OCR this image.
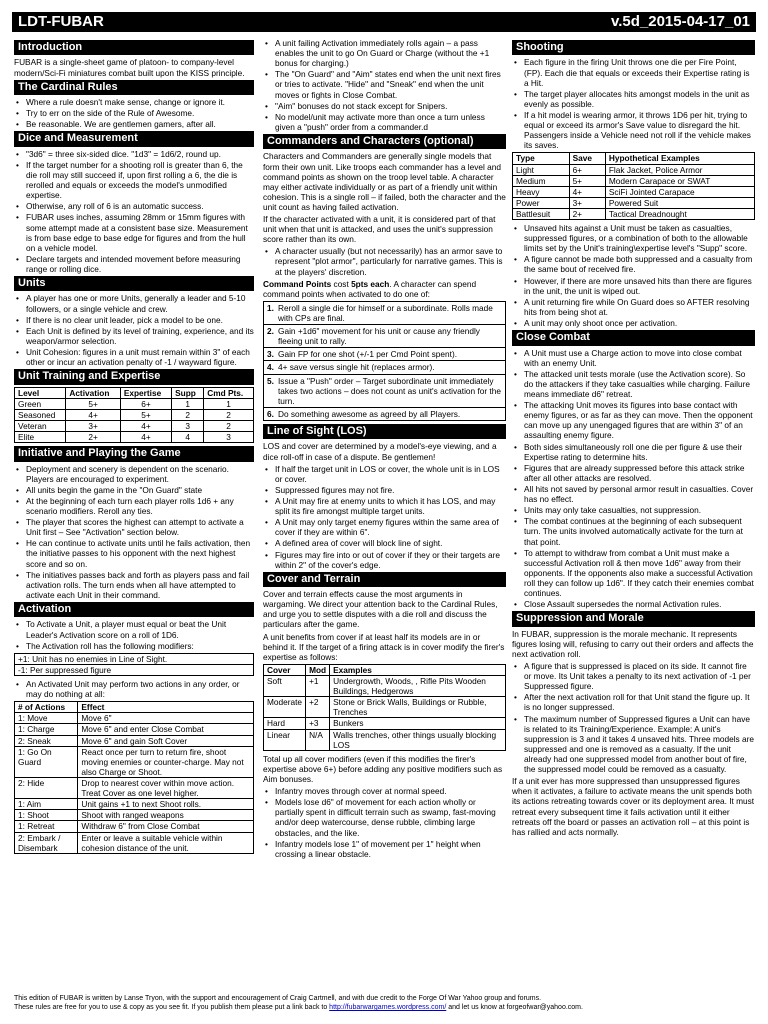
LDT-FUBAR	v.5d_2015-04-17_01
Introduction

FUBAR is a single-sheet game of platoon- to company-level modern/Sci-Fi miniatures combat built upon the KISS principle.

The Cardinal Rules
• Where a rule doesn't make sense, change or ignore it.
• Try to err on the side of the Rule of Awesome.
• Be reasonable. We are gentlemen gamers, after all.
Dice and Measurement
• "3d6" = three six-sided dice. "1d3" = 1d6/2, round up.
• If the target number for a shooting roll is greater than 6, the die roll may still succeed if, upon first rolling a 6, the die is rerolled and equals or exceeds the model's unmodified expertise.
• Otherwise, any roll of 6 is an automatic success.
• FUBAR uses inches, assuming 28mm or 15mm figures with some attempt made at a consistent base size. Measurement is from base edge to base edge for figures and from the hull on a vehicle model.
• Declare targets and intended movement before measuring range or rolling dice.
Units
• A player has one or more Units, generally a leader and 5-10 followers, or a single vehicle and crew.
• If there is no clear unit leader, pick a model to be one.
• Each Unit is defined by its level of training, experience, and its weapon/armor selection.
• Unit Cohesion: figures in a unit must remain within 3" of each other or incur an activation penalty of -1 / wayward figure.
Unit Training and Expertise
Level	Activation	Expertise	Supp	Cmd Pts.
Green	5+	6+	1	1
Seasoned	4+	5+	2	2
Veteran	3+	4+	3	2
Elite	2+	4+	4	3
Initiative and Playing the Game
• Deployment and scenery is dependent on the scenario. Players are encouraged to experiment.
• All units begin the game in the "On Guard" state
• At the beginning of each turn each player rolls 1d6 + any scenario modifiers. Reroll any ties.
• The player that scores the highest can attempt to activate a Unit first – See "Activation" section below.
• He can continue to activate units until he fails activation, then the initiative passes to his opponent with the next highest score and so on.
• The initiatives passes back and forth as players pass and fail activation rolls. The turn ends when all have attempted to activate each Unit in their command.
Activation
• To Activate a Unit, a player must equal or beat the Unit Leader's Activation score on a roll of 1D6.
• The Activation roll has the following modifiers:
+1: Unit has no enemies in Line of Sight.
-1: Per suppressed figure
• An Activated Unit may perform two actions in any order, or may do nothing at all:
# of Actions	Effect
1: Move	Move 6"
1: Charge	Move 6" and enter Close Combat
2: Sneak	Move 6" and gain Soft Cover
1: Go On Guard	React once per turn to return fire, shoot moving enemies or counter-charge. May not also Charge or Shoot.
2: Hide	Drop to nearest cover within move action. Treat Cover as one level higher.
1: Aim	Unit gains +1 to next Shoot rolls.
1: Shoot	Shoot with ranged weapons
1: Retreat	Withdraw 6" from Close Combat
2: Embark / Disembark	Enter or leave a suitable vehicle within cohesion distance of the unit.
• A unit failing Activation immediately rolls again – a pass enables the unit to go On Guard or Charge (without the +1 bonus for charging.)
• The "On Guard" and "Aim" states end when the unit next fires or tries to activate. "Hide" and "Sneak" end when the unit moves or fights in Close Combat.
• "Aim" bonuses do not stack except for Snipers.
• No model/unit may activate more than once a turn unless given a "push" order from a commander.d
Commanders and Characters (optional)

Characters and Commanders are generally single models that form their own unit. Like troops each commander has a level and command points as shown on the troop level table. A character may either activate individually or as part of a friendly unit within cohesion. This is a single roll – if failed, both the character and the unit count as having failed activation.

If the character activated with a unit, it is considered part of that unit when that unit is attacked, and uses the unit's suppression score rather than its own.

• A character usually (but not necessarily) has an armor save to represent "plot armor", particularly for narrative games. This is at the players' discretion.

Command Points cost 5pts each. A character can spend command points when activated to do one of:

1. Reroll a single die for himself or a subordinate. Rolls made with CPs are final.
2. Gain +1d6" movement for his unit or cause any friendly fleeing unit to rally.
3. Gain FP for one shot (+/-1 per Cmd Point spent).
4. 4+ save versus single hit (replaces armor).
5. Issue a "Push" order – Target subordinate unit immediately takes two actions – does not count as unit's activation for the turn.
6. Do something awesome as agreed by all Players.
Line of Sight (LOS)

LOS and cover are determined by a model's-eye viewing, and a dice roll-off in case of a dispute. Be gentlemen!

• If half the target unit in LOS or cover, the whole unit is in LOS or cover.
• Suppressed figures may not fire.
• A Unit may fire at enemy units to which it has LOS, and may split its fire amongst multiple target units.
• A Unit may only target enemy figures within the same area of cover if they are within 6".
• A defined area of cover will block line of sight.
• Figures may fire into or out of cover if they or their targets are within 2" of the cover's edge.
Cover and Terrain

Cover and terrain effects cause the most arguments in wargaming. We direct your attention back to the Cardinal Rules, and urge you to settle disputes with a die roll and discuss the particulars after the game.

A unit benefits from cover if at least half its models are in or behind it. If the target of a firing attack is in cover modify the firer's expertise as follows:

Cover	Mod	Examples
Soft	+1	Undergrowth, Woods, , Rifle Pits Wooden Buildings, Hedgerows
Moderate	+2	Stone or Brick Walls, Buildings or Rubble, Trenches
Hard	+3	Bunkers
Linear	N/A	Walls trenches, other things usually blocking LOS

Total up all cover modifiers (even if this modifies the firer's expertise above 6+) before adding any positive modifiers such as Aim bonuses.

• Infantry moves through cover at normal speed.
• Models lose d6" of movement for each action wholly or partially spent in difficult terrain such as swamp, fast-moving and/or deep watercourse, dense rubble, climbing large obstacles, and the like.
• Infantry models lose 1" of movement per 1" height when crossing a linear obstacle.
Shooting
• Each figure in the firing Unit throws one die per Fire Point, (FP). Each die that equals or exceeds their Expertise rating is a Hit.
• The target player allocates hits amongst models in the unit as evenly as possible.
• If a hit model is wearing armor, it throws 1D6 per hit, trying to equal or exceed its armor's Save value to disregard the hit. Passengers inside a Vehicle need not roll if the vehicle makes its saves.
Type	Save	Hypothetical Examples
Light	6+	Flak Jacket, Police Armor
Medium	5+	Modern Carapace or SWAT
Heavy	4+	SciFi Jointed Carapace
Power	3+	Powered Suit
Battlesuit	2+	Tactical Dreadnought
• Unsaved hits against a Unit must be taken as casualties, suppressed figures, or a combination of both to the allowable limits set by the Unit's training\expertise level's "Supp" score.
• A figure cannot be made both suppressed and a casualty from the same bout of received fire.
• However, if there are more unsaved hits than there are figures in the unit, the unit is wiped out.
• A unit returning fire while On Guard does so AFTER resolving hits from being shot at.
• A unit may only shoot once per activation.
Close Combat
• A Unit must use a Charge action to move into close combat with an enemy Unit.
• The attacked unit tests morale (use the Activation score). So do the attackers if they take casualties while charging. Failure means immediate d6" retreat.
• The attacking Unit moves its figures into base contact with enemy figures, or as far as they can move. Then the opponent can move up any unengaged figures that are within 3" of an assaulting enemy figure.
• Both sides simultaneously roll one die per figure & use their Expertise rating to determine hits.
• Figures that are already suppressed before this attack strike after all other attacks are resolved.
• All hits not saved by personal armor result in casualties. Cover has no effect.
• Units may only take casualties, not suppression.
• The combat continues at the beginning of each subsequent turn. The units involved automatically activate for the turn at that point.
• To attempt to withdraw from combat a Unit must make a successful Activation roll & then move 1d6" away from their opponents. If the opponents also make a successful Activation roll they can follow up 1d6". If they catch their enemies combat continues.
• Close Assault supersedes the normal Activation rules.
Suppression and Morale

In FUBAR, suppression is the morale mechanic. It represents figures losing will, refusing to carry out their orders and affects the next activation roll.

• A figure that is suppressed is placed on its side. It cannot fire or move. Its Unit takes a penalty to its next activation of -1 per Suppressed figure.
• After the next activation roll for that Unit stand the figure up. It is no longer suppressed.
• The maximum number of Suppressed figures a Unit can have is related to its Training/Experience. Example: A unit's suppression is 3 and it takes 4 unsaved hits. Three models are suppressed and one is removed as a casualty. If the unit already had one suppressed model from another bout of fire, the suppressed model could be removed as a casualty.

If a unit ever has more suppressed than unsuppressed figures when it activates, a failure to activate means the unit spends both its actions retreating towards cover or its deployment area. It must retreat every subsequent time it fails activation until it either retreats off the board or passes an activation roll – at this point is has rallied and acts normally.

This edition of FUBAR is written by Lanse Tryon, with the support and encouragement of Craig Cartmell, and with due credit to the Forge Of War Yahoo group and forums.
These rules are free for you to use & copy as you see fit. If you publish them please put a link back to http://fubarwargames.wordpress.com/ and let us know at forgeofwar@yahoo.com.
